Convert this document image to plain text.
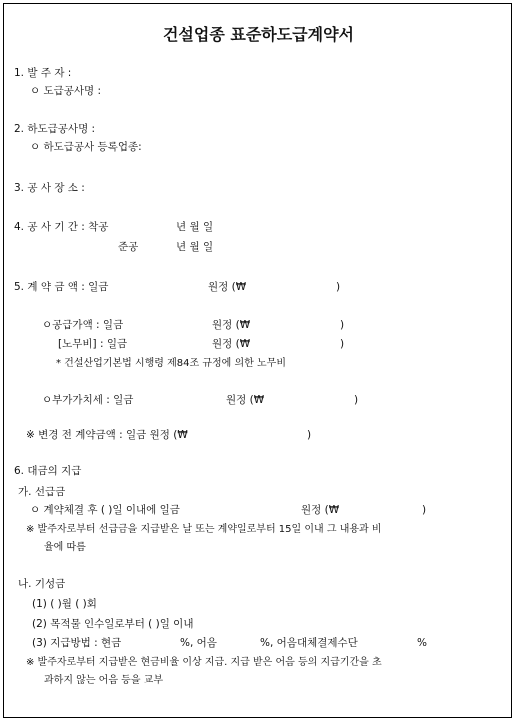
건설업종 표준하도급계약서
1. 발 주 자 :
ㅇ 도급공사명 :
2. 하도급공사명 :
ㅇ 하도급공사 등록업종:
3. 공 사 장 소 :
4. 공 사 기 간 : 착공	년 월 일
준공	년 월 일
5. 계 약 금 액 : 일금	원정 (₩	)
ㅇ공급가액 : 일금	원정 (₩	)
[노무비] : 일금	원정 (₩	)
* 건설산업기본법 시행령 제84조 규정에 의한 노무비
ㅇ부가가치세 : 일금	원정 (₩	)
※ 변경 전 계약금액 : 일금 원정 (₩	)
6. 대금의 지급
가. 선급금
ㅇ 계약체결 후 ( )일 이내에 일금	원정 (₩	)
※ 발주자로부터 선급금을 지급받은 날 또는 계약일로부터 15일 이내 그 내용과 비
율에 따름
나. 기성금
(1) ( )월 ( )회
(2) 목적물 인수일로부터 ( )일 이내
(3) 지급방법 : 현금	%, 어음	%, 어음대체결제수단	%
※ 발주자로부터 지급받은 현금비율 이상 지급. 지급 받은 어음 등의 지급기간을 초
과하지 않는 어음 등을 교부
